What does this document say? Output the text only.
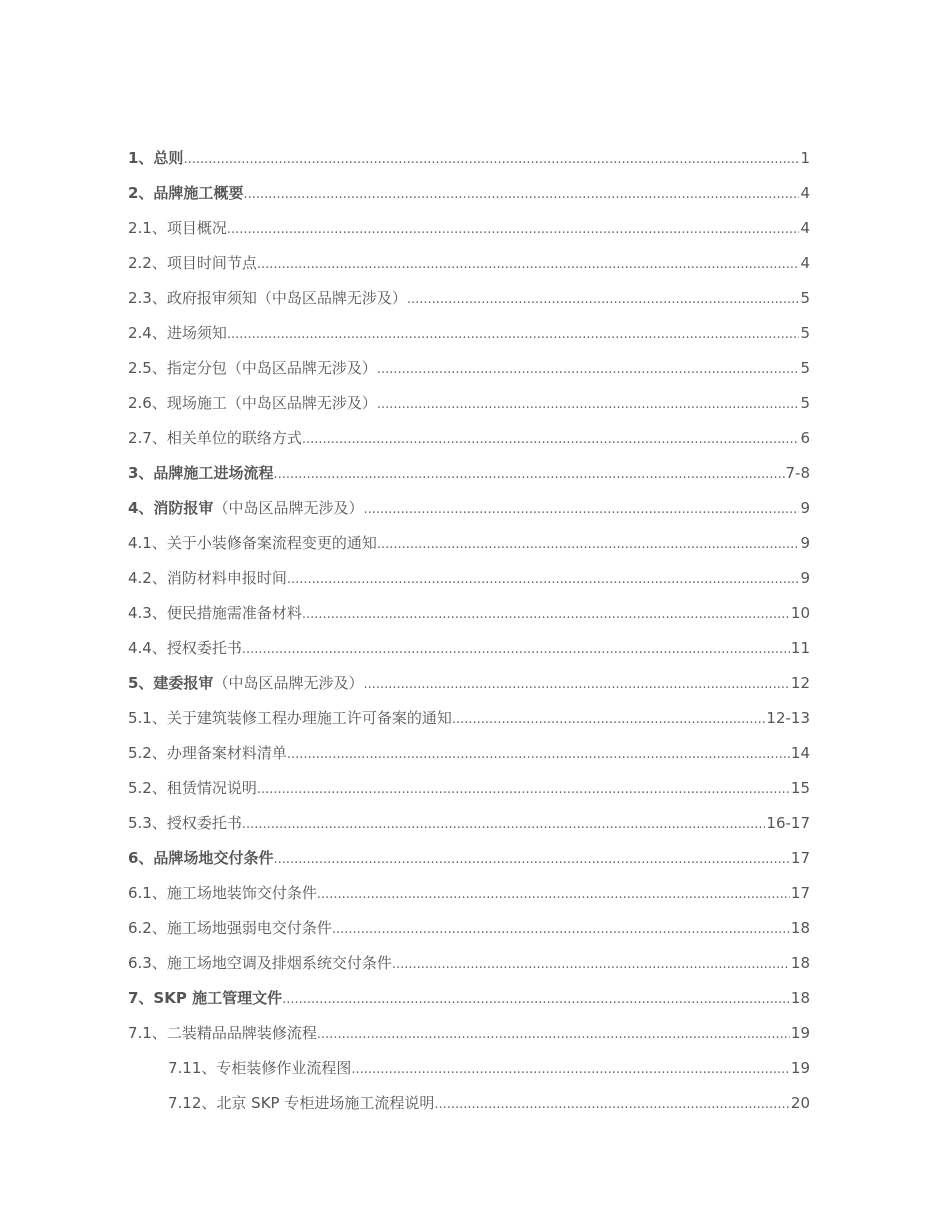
1、总则 .....	1
2、品牌施工概要 .....	4
2.1、项目概况 .....	4
2.2、项目时间节点 .....	4
2.3、政府报审须知（中岛区品牌无涉及） .....	5
2.4、进场须知 .....	5
2.5、指定分包（中岛区品牌无涉及） .....	5
2.6、现场施工（中岛区品牌无涉及） .....	5
2.7、相关单位的联络方式 .....	6
3、品牌施工进场流程 .....	7-8
4、消防报审 （中岛区品牌无涉及） .....	9
4.1、关于小装修备案流程变更的通知 .....	9
4.2、消防材料申报时间 .....	9
4.3、便民措施需准备材料 .....	10
4.4、授权委托书 .....	11
5、建委报审 （中岛区品牌无涉及） .....	12
5.1、关于建筑装修工程办理施工许可备案的通知 .....	12-13
5.2、办理备案材料清单 .....	14
5.2、租赁情况说明 .....	15
5.3、授权委托书 .....	16-17
6、品牌场地交付条件 .....	17
6.1、施工场地装饰交付条件 .....	17
6.2、施工场地强弱电交付条件 .....	18
6.3、施工场地空调及排烟系统交付条件 .....	18
7、SKP 施工管理文件 .....	18
7.1、二装精品品牌装修流程 .....	19
7.11、专柜装修作业流程图 .....	19
7.12、北京 SKP 专柜进场施工流程说明 .....	20
